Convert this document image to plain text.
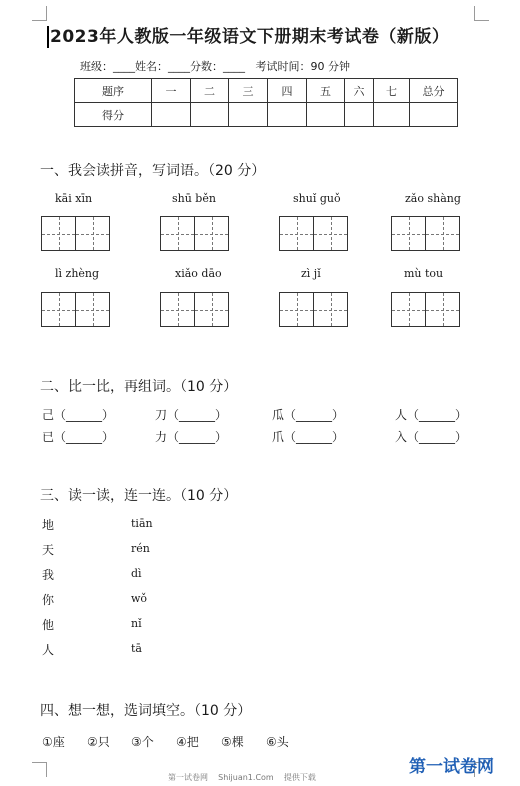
2023年人教版一年级语文下册期末考试卷（新版）
班级：____姓名：____分数：____   考试时间：90 分钟
题序	一	二	三	四	五	六	七	总分
得分								
一、我会读拼音，写词语。（20 分）
kāi xīn	shū běn	shuǐ guǒ	zǎo shàng
lì zhèng	xiǎo dāo	zì jǐ	mù tou
二、比一比，再组词。（10 分）
己（______）	刀（______）	瓜（______）	人（______）
已（______）	力（______）	爪（______）	入（______）
三、读一读，连一连。（10 分）
地
天
我
你
他
人
tiān
rén
dì
wǒ
nǐ
tā
四、想一想，选词填空。（10 分）
①座 ②只 ③个 ④把 ⑤棵 ⑥头
第一试卷网    Shijuan1.Com    提供下载
第一试卷网
